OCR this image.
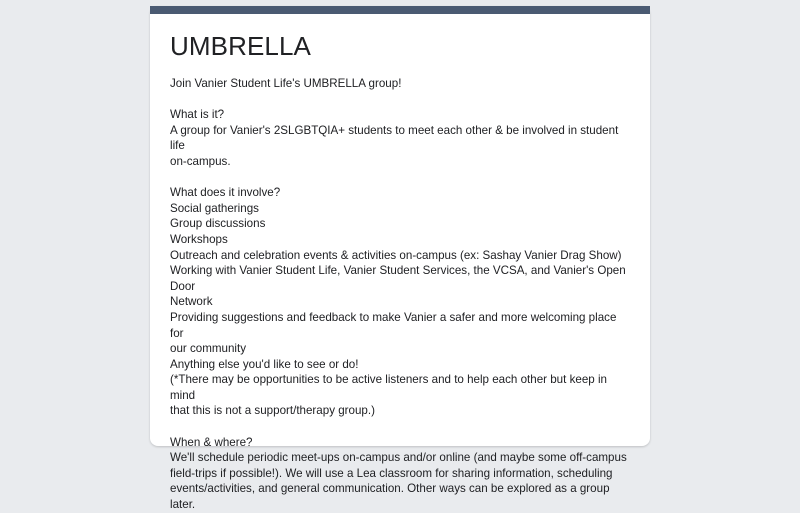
UMBRELLA
Join Vanier Student Life's UMBRELLA group!
What is it?
A group for Vanier's 2SLGBTQIA+ students to meet each other & be involved in student life
on-campus.
What does it involve?
Social gatherings
Group discussions
Workshops
Outreach and celebration events & activities on-campus (ex: Sashay Vanier Drag Show)
Working with Vanier Student Life, Vanier Student Services, the VCSA, and Vanier's Open Door
Network
Providing suggestions and feedback to make Vanier a safer and more welcoming place for
our community
Anything else you'd like to see or do!
(*There may be opportunities to be active listeners and to help each other but keep in mind
that this is not a support/therapy group.)
When & where?
We'll schedule periodic meet-ups on-campus and/or online (and maybe some off-campus
field-trips if possible!). We will use a Lea classroom for sharing information, scheduling
events/activities, and general communication. Other ways can be explored as a group later.
